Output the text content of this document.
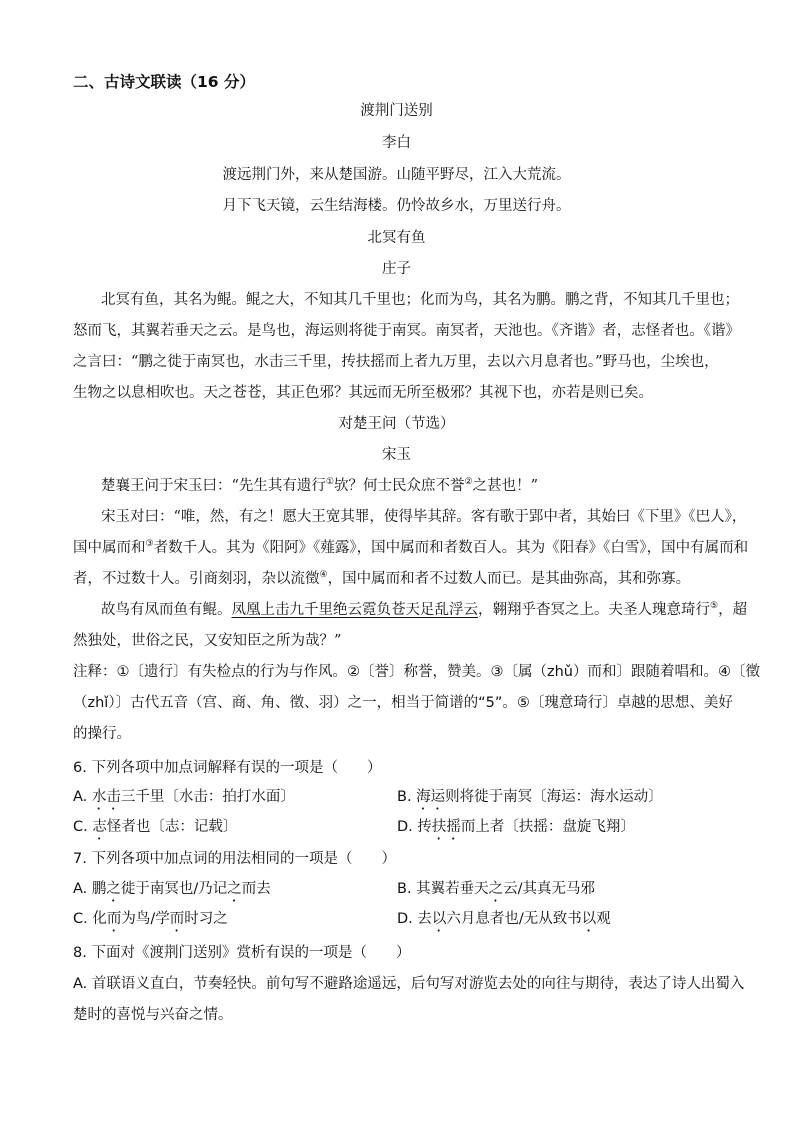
二、古诗文联读（16 分）
渡荆门送别
李白
渡远荆门外，来从楚国游。山随平野尽，江入大荒流。
月下飞天镜，云生结海楼。仍怜故乡水，万里送行舟。
北冥有鱼
庄子
北冥有鱼，其名为鲲。鲲之大，不知其几千里也；化而为鸟，其名为鹏。鹏之背，不知其几千里也；
怒而飞，其翼若垂天之云。是鸟也，海运则将徙于南冥。南冥者，天池也。《齐谐》者，志怪者也。《谐》
之言曰：“鹏之徙于南冥也，水击三千里，抟扶摇而上者九万里，去以六月息者也。”野马也，尘埃也，
生物之以息相吹也。天之苍苍，其正色邪？其远而无所至极邪？其视下也，亦若是则已矣。
对楚王问（节选）
宋玉
楚襄王问于宋玉曰：“先生其有遗行①欤？何士民众庶不誉②之甚也！”
宋玉对曰：“唯，然，有之！愿大王宽其罪，使得毕其辞。客有歌于郢中者，其始曰《下里》《巴人》，
国中属而和③者数千人。其为《阳阿》《薤露》，国中属而和者数百人。其为《阳春》《白雪》，国中有属而和
者，不过数十人。引商刻羽，杂以流徵④，国中属而和者不过数人而已。是其曲弥高，其和弥寡。
故鸟有凤而鱼有鲲。凤凰上击九千里绝云霓负苍天足乱浮云，翱翔乎杳冥之上。夫圣人瑰意琦行⑤，超
然独处，世俗之民，又安知臣之所为哉？”
注释：①〔遗行〕有失检点的行为与作风。②〔誉〕称誉，赞美。③〔属（zhǔ）而和〕跟随着唱和。④〔徵
（zhǐ）〕古代五音（宫、商、角、徵、羽）之一，相当于简谱的“5”。⑤〔瑰意琦行〕卓越的思想、美好
的操行。
6. 下列各项中加点词解释有误的一项是（　　）
A. 水击三千里〔水击：拍打水面〕	B. 海运则将徙于南冥〔海运：海水运动〕
C. 志怪者也〔志：记载〕	D. 抟扶摇而上者〔扶摇：盘旋飞翔〕
7. 下列各项中加点词的用法相同的一项是（　　）
A. 鹏之徙于南冥也/乃记之而去	B. 其翼若垂天之云/其真无马邪
C. 化而为鸟/学而时习之	D. 去以六月息者也/无从致书以观
8. 下面对《渡荆门送别》赏析有误的一项是（　　）
A. 首联语义直白，节奏轻快。前句写不避路途遥远，后句写对游览去处的向往与期待，表达了诗人出蜀入
楚时的喜悦与兴奋之情。
